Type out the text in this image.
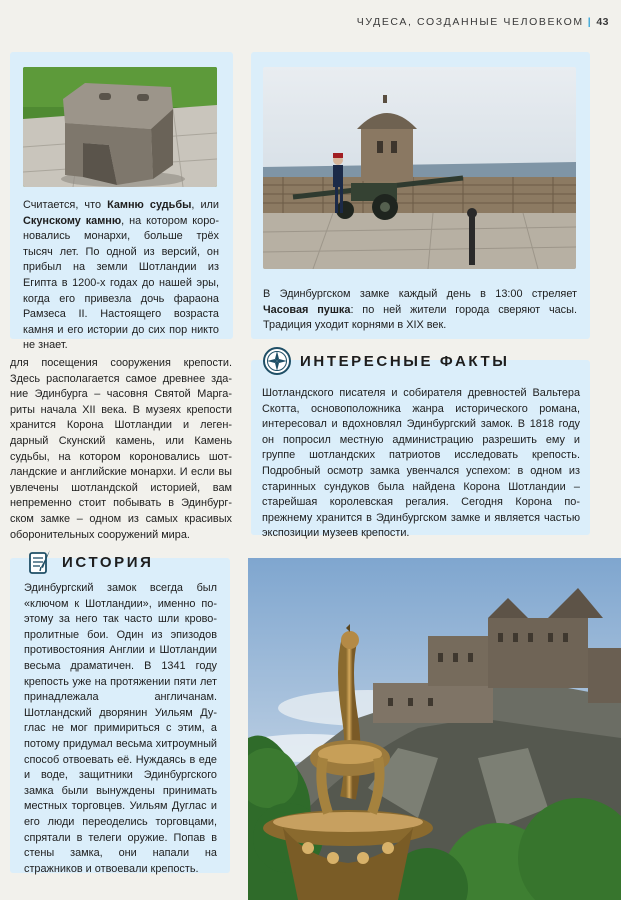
ЧУДЕСА, СОЗДАННЫЕ ЧЕЛОВЕКОМ | 43
Считается, что Камню судьбы, или Скунскому камню, на котором короновались монархи, больше трёх тысяч лет. По одной из версий, он прибыл на земли Шотландии из Египта в 1200-х годах до нашей эры, когда его привезла дочь фараона Рамзеса II. Настоящего возраста камня и его истории до сих пор никто не знает.
В Эдинбургском замке каждый день в 13:00 стреляет Часовая пушка: по ней жители города сверяют часы. Традиция уходит корнями в XIX век.
для посещения сооружения крепости. Здесь располагается самое древнее здание Эдинбурга – часовня Святой Маргариты начала XII века. В музеях крепости хранится Корона Шотландии и легендарный Скунский камень, или Камень судьбы, на котором короновались шотландские и английские монархи. И если вы увлечены шотландской историей, вам непременно стоит побывать в Эдинбургском замке – одном из самых красивых оборонительных сооружений мира.
ИНТЕРЕСНЫЕ ФАКТЫ
Шотландского писателя и собирателя древностей Вальтера Скотта, основоположника жанра исторического романа, интересовал и вдохновлял Эдинбургский замок. В 1818 году он попросил местную администрацию разрешить ему и группе шотландских патриотов исследовать крепость. Подробный осмотр замка увенчался успехом: в одном из старинных сундуков была найдена Корона Шотландии – старейшая королевская регалия. Сегодня Корона по-прежнему хранится в Эдинбургском замке и является частью экспозиции музеев крепости.
ИСТОРИЯ
Эдинбургский замок всегда был «ключом к Шотландии», именно поэтому за него так часто шли кровопролитные бои. Один из эпизодов противостояния Англии и Шотландии весьма драматичен. В 1341 году крепость уже на протяжении пяти лет принадлежала англичанам. Шотландский дворянин Уильям Дуглас не мог примириться с этим, а потому придумал весьма хитроумный способ отвоевать её. Нуждаясь в еде и воде, защитники Эдинбургского замка были вынуждены принимать местных торговцев. Уильям Дуглас и его люди переоделись торговцами, спрятали в телеги оружие. Попав в стены замка, они напали на стражников и отвоевали крепость.
